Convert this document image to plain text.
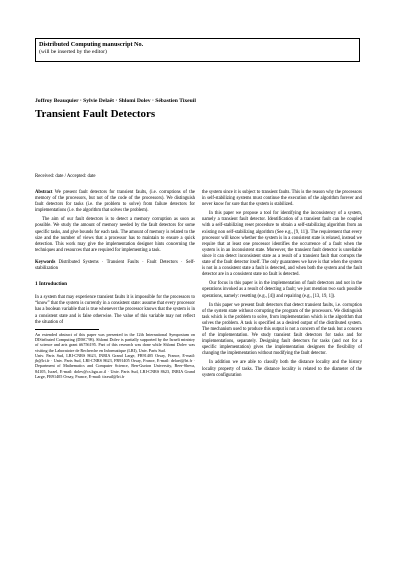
Distributed Computing manuscript No.
(will be inserted by the editor)
Joffroy Beauquier · Sylvie Delaët · Shlomi Dolev · Sébastien Tixeuil
Transient Fault Detectors
Received: date / Accepted: date

Abstract We present fault detectors for transient faults, (i.e. corruptions of the memory of the processors, but not of the code of the processors). We distinguish fault detectors for tasks (i.e. the problem to solve) from failure detectors for implementations (i.e. the algorithm that solves the problem).

The aim of our fault detectors is to detect a memory corruption as soon as possible. We study the amount of memory needed by the fault detectors for some specific tasks, and give bounds for each task. The amount of memory is related to the size and the number of views that a processor has to maintain to ensure a quick detection. This work may give the implementation designer hints concerning the techniques and resources that are required for implementing a task.

Keywords Distributed Systems · Transient Faults · Fault Detectors · Self-stabilization

1 Introduction

In a system that may experience transient faults it is impossible for the processors to “know” that the system is currently in a consistent state: assume that every processor has a boolean variable that is true whenever the processor knows that the system is in a consistent state and is false otherwise. The value of this variable may not reflect the situation of

An extended abstract of this paper was presented in the 12th International Symposium on DIStributed Computing (DISC’98). Shlomi Dolev is partially supported by the Israeli ministry of science and arts grant #6756195. Part of this research was done while Shlomi Dolev was visiting the Laboratoire de Recherche en Informatique (LRI), Univ. Paris Sud.

Univ. Paris Sud, LRI-CNRS 8623, INRIA Grand Large, FR91405 Orsay, France, E-mail: jb@lri.fr · Univ. Paris Sud, LRI-CNRS 8623, FR91405 Orsay, France, E-mail: delaet@lri.fr · Department of Mathematics and Computer Science, Ben-Gurion University, Beer-Sheva, 84105, Israel, E-mail: dolev@cs.bgu.ac.il · Univ. Paris Sud, LRI-CNRS 8623, INRIA Grand Large, FR91405 Orsay, France, E-mail: tixeuil@lri.fr

the system since it is subject to transient faults. This is the reason why the processors in self-stabilizing systems must continue the execution of the algorithm forever and never know for sure that the system is stabilized.

In this paper we propose a tool for identifying the inconsistency of a system, namely a transient fault detector. Identification of a transient fault can be coupled with a self-stabilizing reset procedure to obtain a self-stabilizing algorithm from an existing non self-stabilizing algorithm (See e.g., [9, 11]). The requirement that every processor will know whether the system is in a consistent state is relaxed, instead we require that at least one processor identifies the occurrence of a fault when the system is in an inconsistent state. Moreover, the transient fault detector is unreliable since it can detect inconsistent state as a result of a transient fault that corrupts the state of the fault detector itself. The only guarantees we have is that when the system is not in a consistent state a fault is detected, and when both the system and the fault detector are in a consistent state no fault is detected.

Our focus in this paper is in the implementation of fault detectors and not in the operations invoked as a result of detecting a fault; we just mention two such possible operations, namely: resetting (e.g., [4]) and repairing (e.g., [13, 19, 1]).

In this paper we present fault detectors that detect transient faults, i.e. corruption of the system state without corrupting the program of the processors. We distinguish task which is the problem to solve, from implementation which is the algorithm that solves the problem. A task is specified as a desired output of the distributed system. The mechanism used to produce this output is not a concern of the task but a concern of the implementation. We study transient fault detectors for tasks and for implementations, separately. Designing fault detectors for tasks (and not for a specific implementation) gives the implementation designers the flexibility of changing the implementation without modifying the fault detector.

In addition we are able to classify both the distance locality and the history locality property of tasks. The distance locality is related to the diameter of the system configuration
